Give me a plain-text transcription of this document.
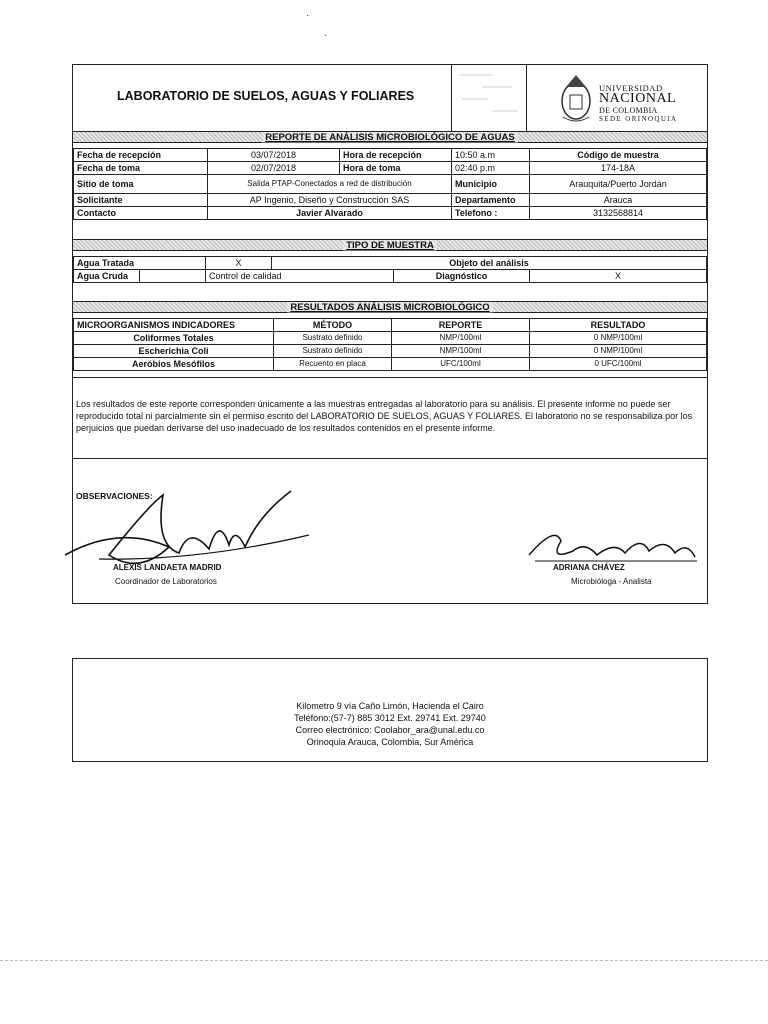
·
·
LABORATORIO DE SUELOS, AGUAS Y FOLIARES
UNIVERSIDAD
NACIONAL
DE COLOMBIA
SEDE ORINOQUIA
REPORTE DE ANÁLISIS MICROBIOLÓGICO DE AGUAS
Fecha de recepción	03/07/2018	Hora de recepción	10:50 a.m	Código de muestra
Fecha de toma	02/07/2018	Hora de toma	02:40 p.m	174-18A
Sitio de toma	Salida PTAP-Conectados a red de distribución		Municipio	Arauquita/Puerto Jordán
Solicitante	AP Ingenio, Diseño y Construcción SAS		Departamento	Arauca
Contacto	Javier Alvarado		Telefono :	3132568814
TIPO DE MUESTRA
Agua Tratada		X	Objeto del análisis		
Agua Cruda		Control de calidad		Diagnóstico	X
RESULTADOS ANÁLISIS MICROBIOLÓGICO
MICROORGANISMOS INDICADORES	MÉTODO	REPORTE	RESULTADO
Coliformes Totales	Sustrato definido	NMP/100ml	0 NMP/100ml
Escherichia Coli	Sustrato definido	NMP/100ml	0 NMP/100ml
Aeróbios Mesófilos	Recuento en placa	UFC/100ml	0 UFC/100ml
Los resultados de este reporte corresponden únicamente a las muestras entregadas al laboratorio para su análisis. El presente informe no puede ser reproducido total ni parcialmente sin el permiso escrito del LABORATORIO DE SUELOS, AGUAS Y FOLIARES. El laboratorio no se responsabiliza por los perjuicios que puedan derivarse del uso inadecuado de los resultados contenidos en el presente informe.
OBSERVACIONES:
ALEXIS LANDAETA MADRID
Coordinador de Laboratorios
ADRIANA CHÁVEZ
Microbióloga - Analista
Kilometro 9 vía Caño Limón, Hacienda el Cairo
Teléfono:(57-7) 885 3012 Ext. 29741 Ext. 29740
Correo electrónico: Coolabor_ara@unal.edu.co
Orinoquia Arauca, Colombia, Sur América
